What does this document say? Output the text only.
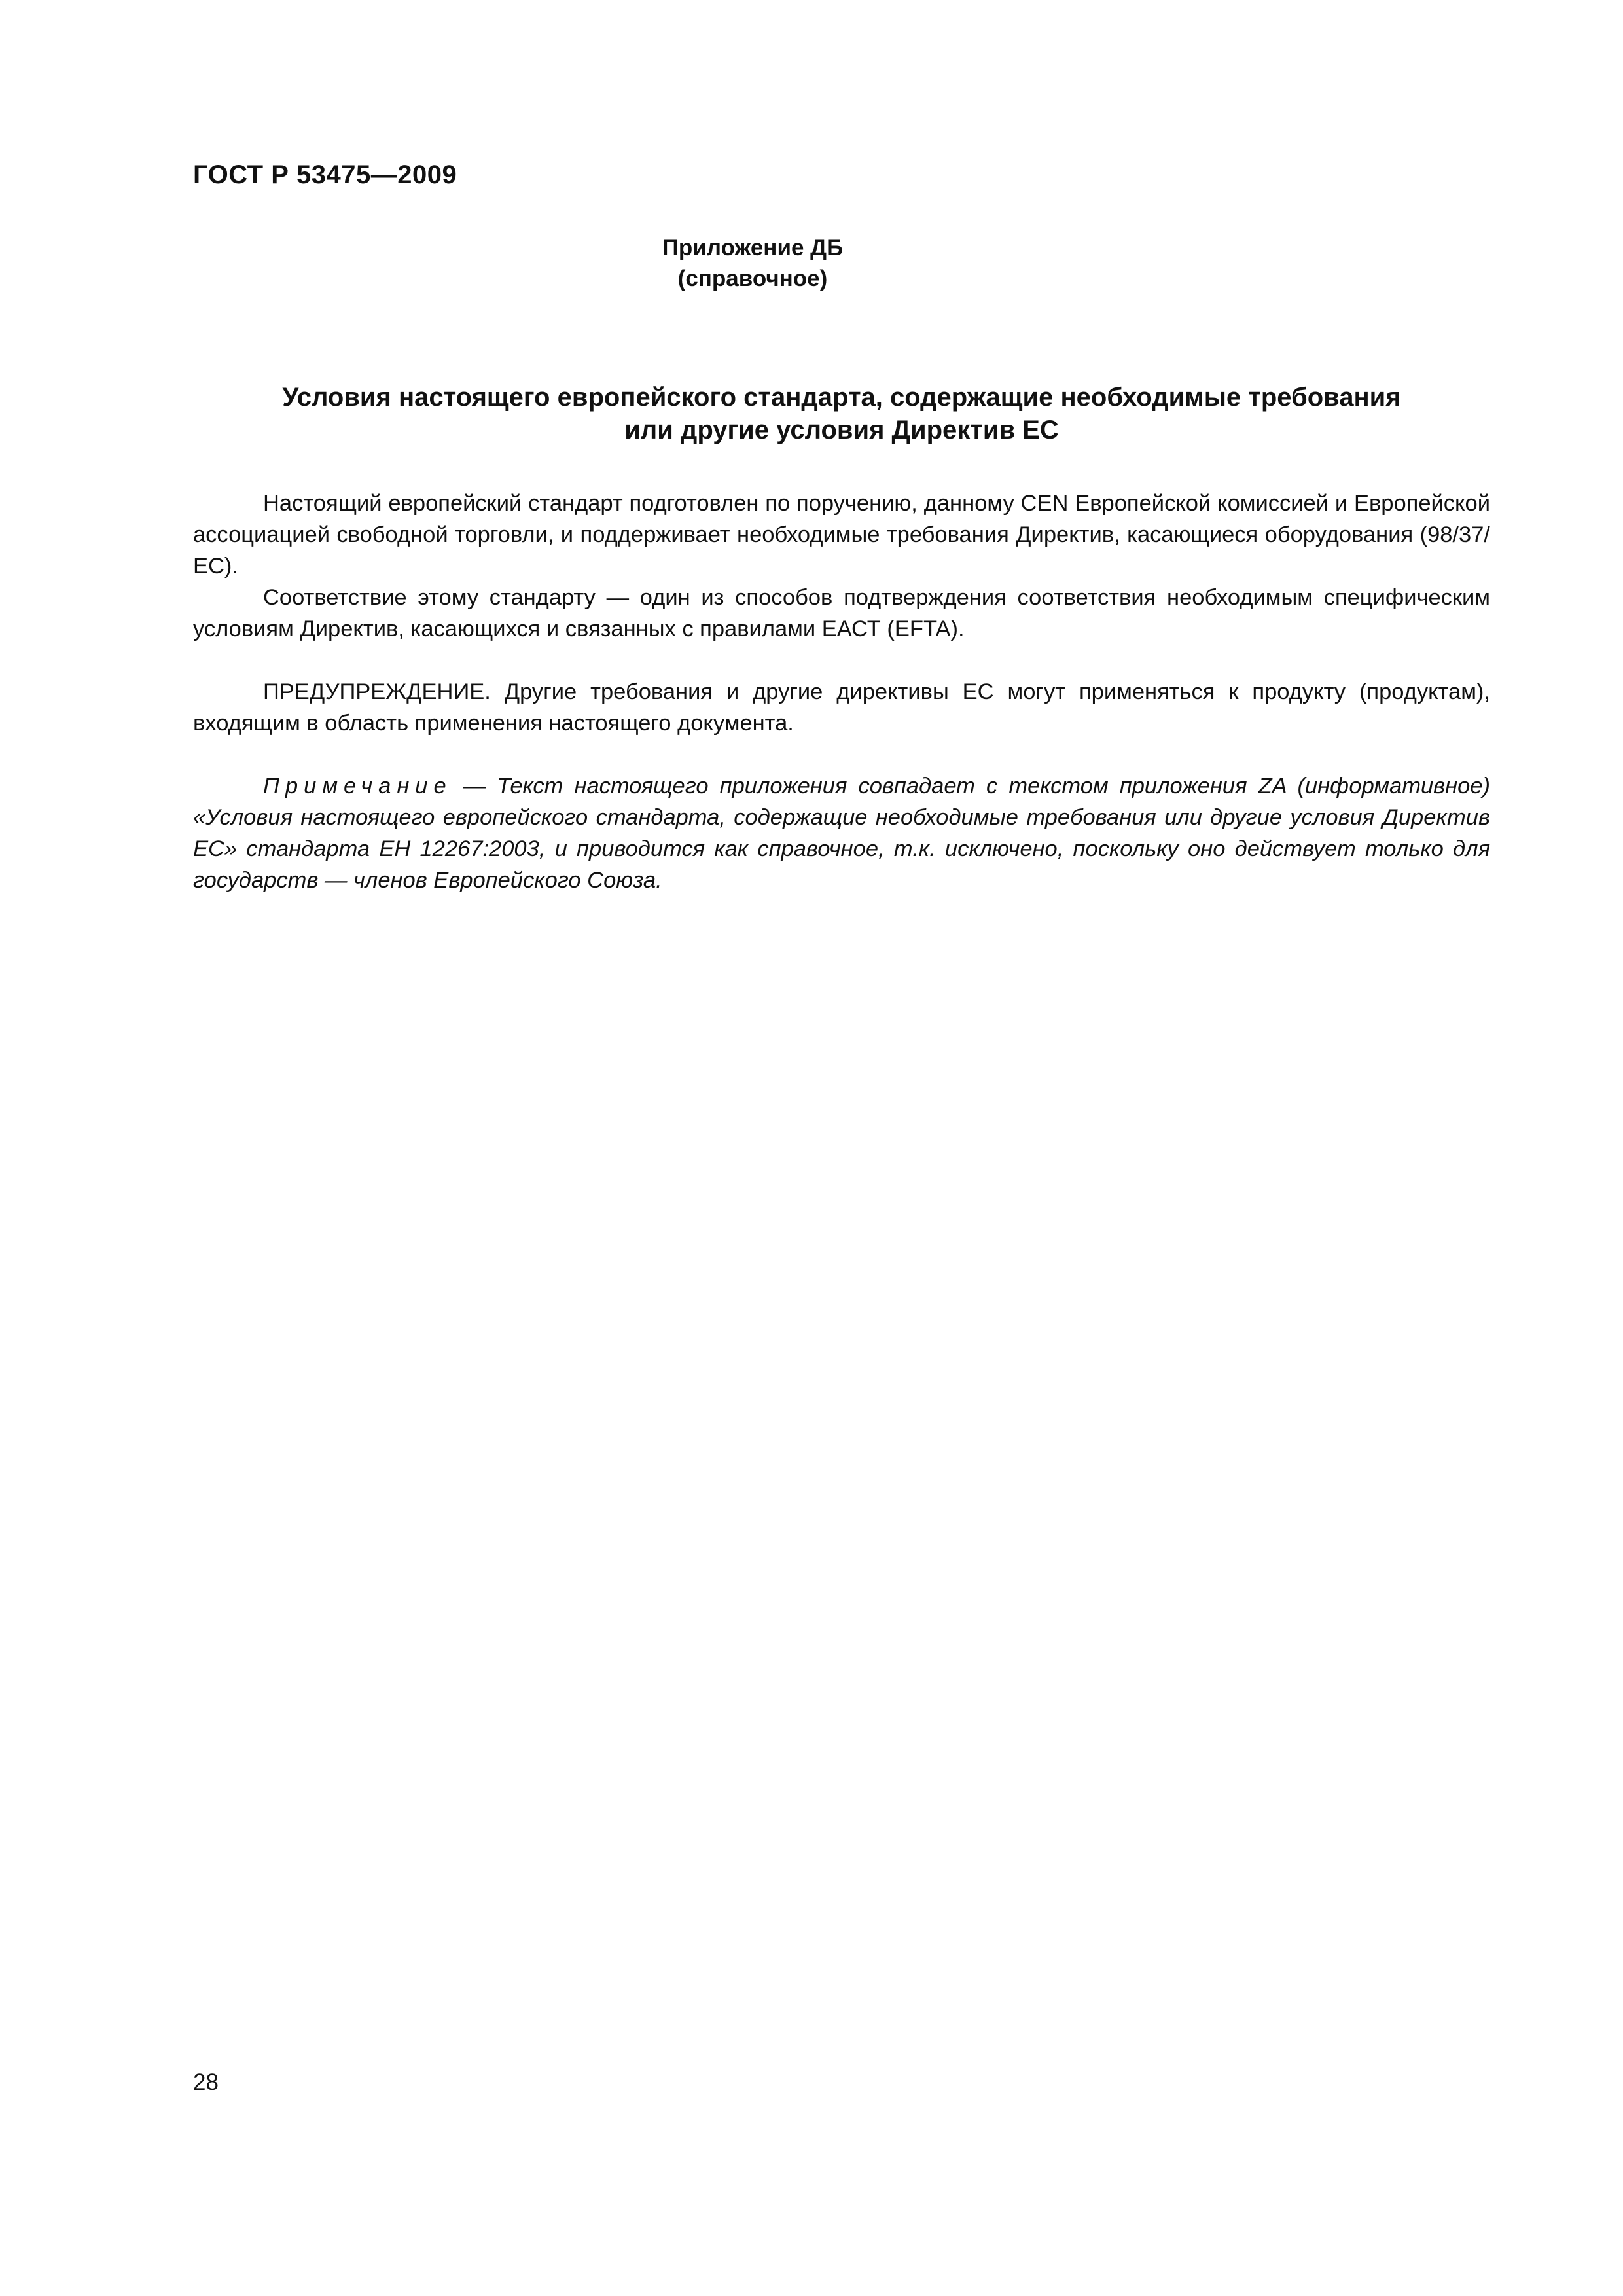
ГОСТ Р 53475—2009
Приложение ДБ
(справочное)
Условия настоящего европейского стандарта, содержащие необходимые требования
или другие условия Директив ЕС

Настоящий европейский стандарт подготовлен по поручению, данному CEN Европейской комиссией и Европейской ассоциацией свободной торговли, и поддерживает необходимые требования Директив, касающиеся оборудования (98/37/ЕС).

Соответствие этому стандарту — один из способов подтверждения соответствия необходимым специфическим условиям Директив, касающихся и связанных с правилами ЕАСТ (EFTA).

ПРЕДУПРЕЖДЕНИЕ. Другие требования и другие директивы ЕС могут применяться к продукту (продуктам), входящим в область применения настоящего документа.

Примечание — Текст настоящего приложения совпадает с текстом приложения ZA (информативное) «Условия настоящего европейского стандарта, содержащие необходимые требования или другие условия Директив ЕС» стандарта ЕН 12267:2003, и приводится как справочное, т.к. исключено, поскольку оно действует только для государств — членов Европейского Союза.

28
